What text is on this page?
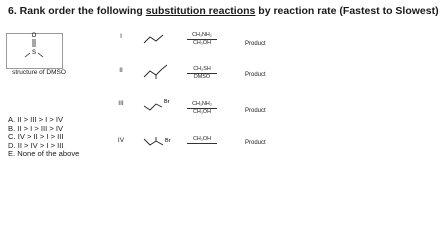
6. Rank order the following substitution reactions by reaction rate (Fastest to Slowest)
O
S
structure of DMSO
I	CH₃NH₂
CH₃OH	Product
II	CH₃SH
DMSO	Product
III	Br	CH₃NH₂
CH₃OH	Product
IV	Br	CH₃OH
Product
A. II > III > I > IV
B. II > I > III > IV
C. IV > II > I > III
D. II > IV > I > III
E. None of the above
